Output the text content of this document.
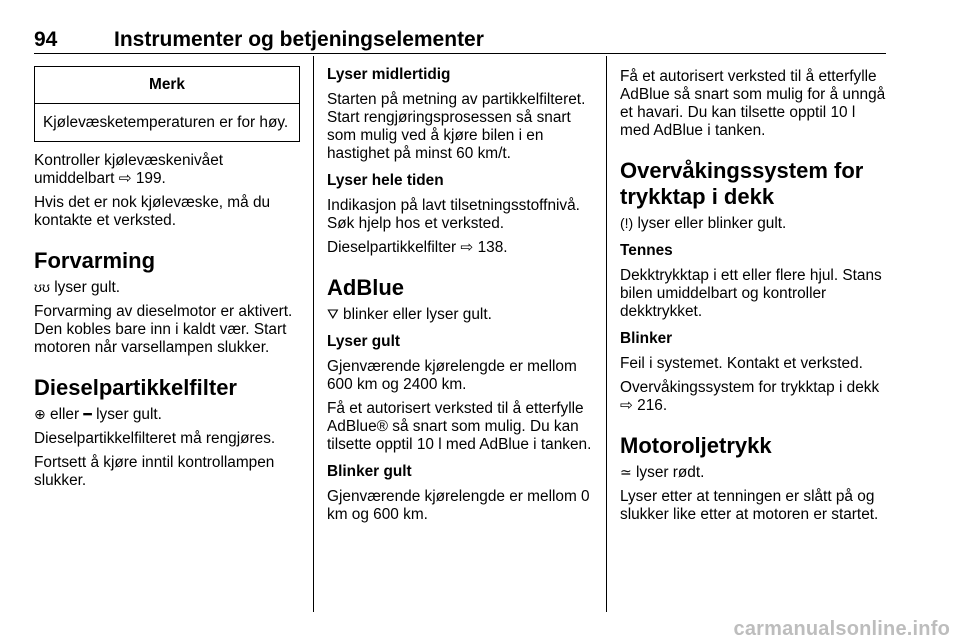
94	Instrumenter og betjeningselementer
Merk
Kjølevæsketemperaturen er for høy.

Kontroller kjølevæskenivået umiddelbart ⇨ 199.

Hvis det er nok kjølevæske, må du kontakte et verksted.

Forvarming

ʊʊ lyser gult.

Forvarming av dieselmotor er aktivert. Den kobles bare inn i kaldt vær. Start motoren når varsellampen slukker.

Dieselpartikkelfilter

⊕ eller ━ lyser gult.

Dieselpartikkelfilteret må rengjøres.

Fortsett å kjøre inntil kontrollampen slukker.

Lyser midlertidig

Starten på metning av partikkelfilteret. Start rengjøringsprosessen så snart som mulig ved å kjøre bilen i en hastighet på minst 60 km/t.

Lyser hele tiden

Indikasjon på lavt tilsetningsstoffnivå. Søk hjelp hos et verksted.

Dieselpartikkelfilter ⇨ 138.

AdBlue

⛛ blinker eller lyser gult.

Lyser gult

Gjenværende kjørelengde er mellom 600 km og 2400 km.

Få et autorisert verksted til å etterfylle AdBlue® så snart som mulig. Du kan tilsette opptil 10 l med AdBlue i tanken.

Blinker gult

Gjenværende kjørelengde er mellom 0 km og 600 km.

Få et autorisert verksted til å etterfylle AdBlue så snart som mulig for å unngå et havari. Du kan tilsette opptil 10 l med AdBlue i tanken.

Overvåkingssystem for trykktap i dekk

(!) lyser eller blinker gult.

Tennes

Dekktrykktap i ett eller flere hjul. Stans bilen umiddelbart og kontroller dekktrykket.

Blinker

Feil i systemet. Kontakt et verksted.

Overvåkingssystem for trykktap i dekk ⇨ 216.

Motoroljetrykk

≃ lyser rødt.

Lyser etter at tenningen er slått på og slukker like etter at motoren er startet.

carmanualsonline.info
